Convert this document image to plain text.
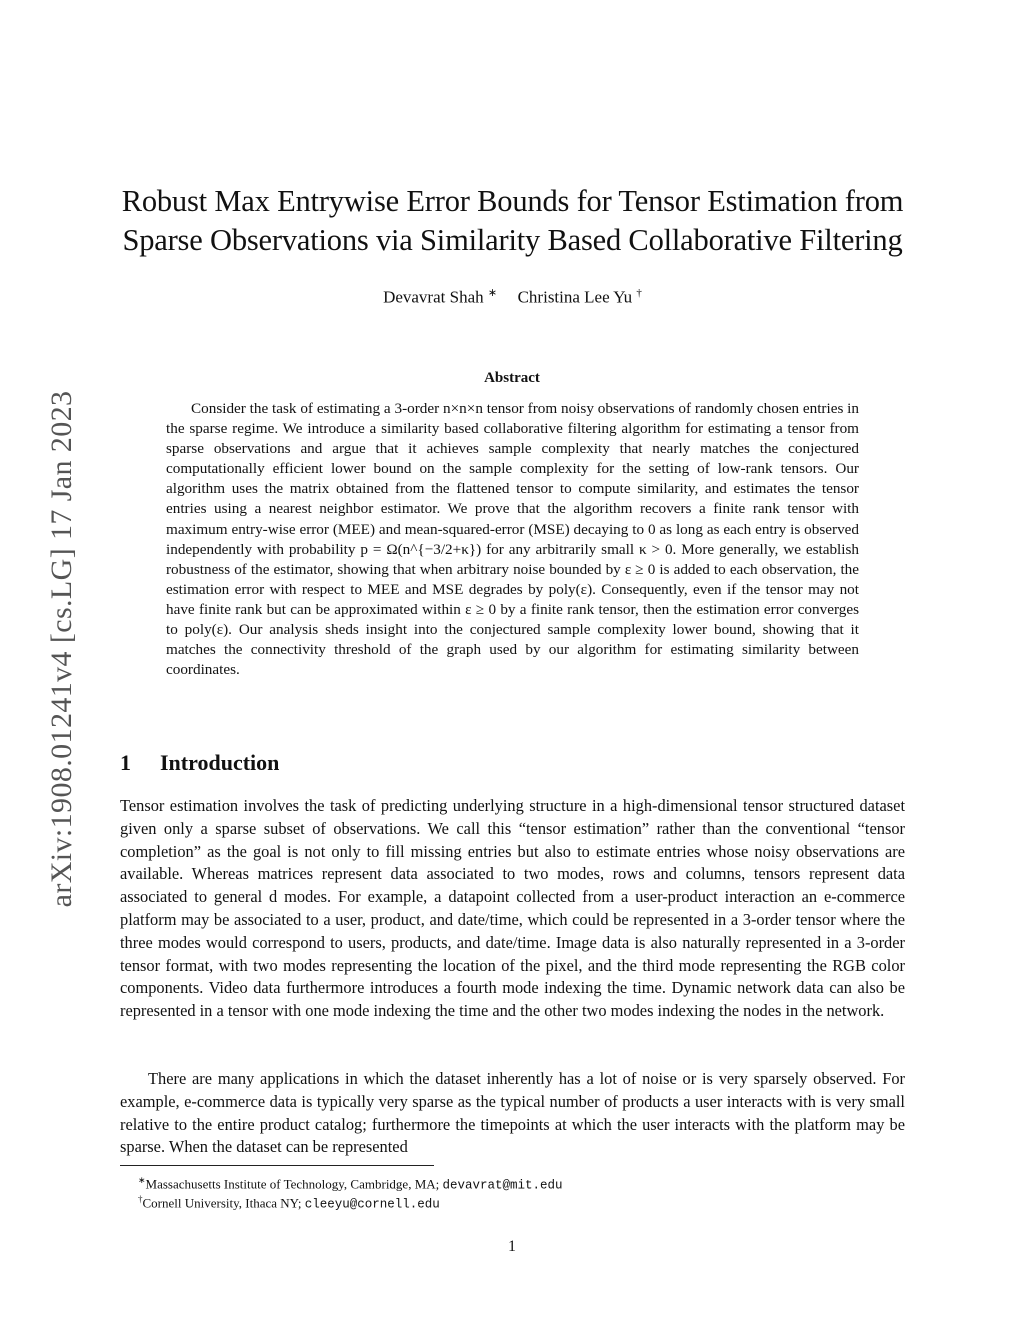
arXiv:1908.01241v4 [cs.LG] 17 Jan 2023
Robust Max Entrywise Error Bounds for Tensor Estimation from Sparse Observations via Similarity Based Collaborative Filtering
Devavrat Shah ∗ Christina Lee Yu †
Abstract

Consider the task of estimating a 3-order n×n×n tensor from noisy observations of randomly chosen entries in the sparse regime. We introduce a similarity based collaborative filtering algorithm for estimating a tensor from sparse observations and argue that it achieves sample complexity that nearly matches the conjectured computationally efficient lower bound on the sample complexity for the setting of low-rank tensors. Our algorithm uses the matrix obtained from the flattened tensor to compute similarity, and estimates the tensor entries using a nearest neighbor estimator. We prove that the algorithm recovers a finite rank tensor with maximum entry-wise error (MEE) and mean-squared-error (MSE) decaying to 0 as long as each entry is observed independently with probability p = Ω(n^{−3/2+κ}) for any arbitrarily small κ > 0. More generally, we establish robustness of the estimator, showing that when arbitrary noise bounded by ε ≥ 0 is added to each observation, the estimation error with respect to MEE and MSE degrades by poly(ε). Consequently, even if the tensor may not have finite rank but can be approximated within ε ≥ 0 by a finite rank tensor, then the estimation error converges to poly(ε). Our analysis sheds insight into the conjectured sample complexity lower bound, showing that it matches the connectivity threshold of the graph used by our algorithm for estimating similarity between coordinates.

1 Introduction

Tensor estimation involves the task of predicting underlying structure in a high-dimensional tensor structured dataset given only a sparse subset of observations. We call this “tensor estimation” rather than the conventional “tensor completion” as the goal is not only to fill missing entries but also to estimate entries whose noisy observations are available. Whereas matrices represent data associated to two modes, rows and columns, tensors represent data associated to general d modes. For example, a datapoint collected from a user-product interaction an e-commerce platform may be associated to a user, product, and date/time, which could be represented in a 3-order tensor where the three modes would correspond to users, products, and date/time. Image data is also naturally represented in a 3-order tensor format, with two modes representing the location of the pixel, and the third mode representing the RGB color components. Video data furthermore introduces a fourth mode indexing the time. Dynamic network data can also be represented in a tensor with one mode indexing the time and the other two modes indexing the nodes in the network.

There are many applications in which the dataset inherently has a lot of noise or is very sparsely observed. For example, e-commerce data is typically very sparse as the typical number of products a user interacts with is very small relative to the entire product catalog; furthermore the timepoints at which the user interacts with the platform may be sparse. When the dataset can be represented

∗Massachusetts Institute of Technology, Cambridge, MA; devavrat@mit.edu
†Cornell University, Ithaca NY; cleeyu@cornell.edu
1
